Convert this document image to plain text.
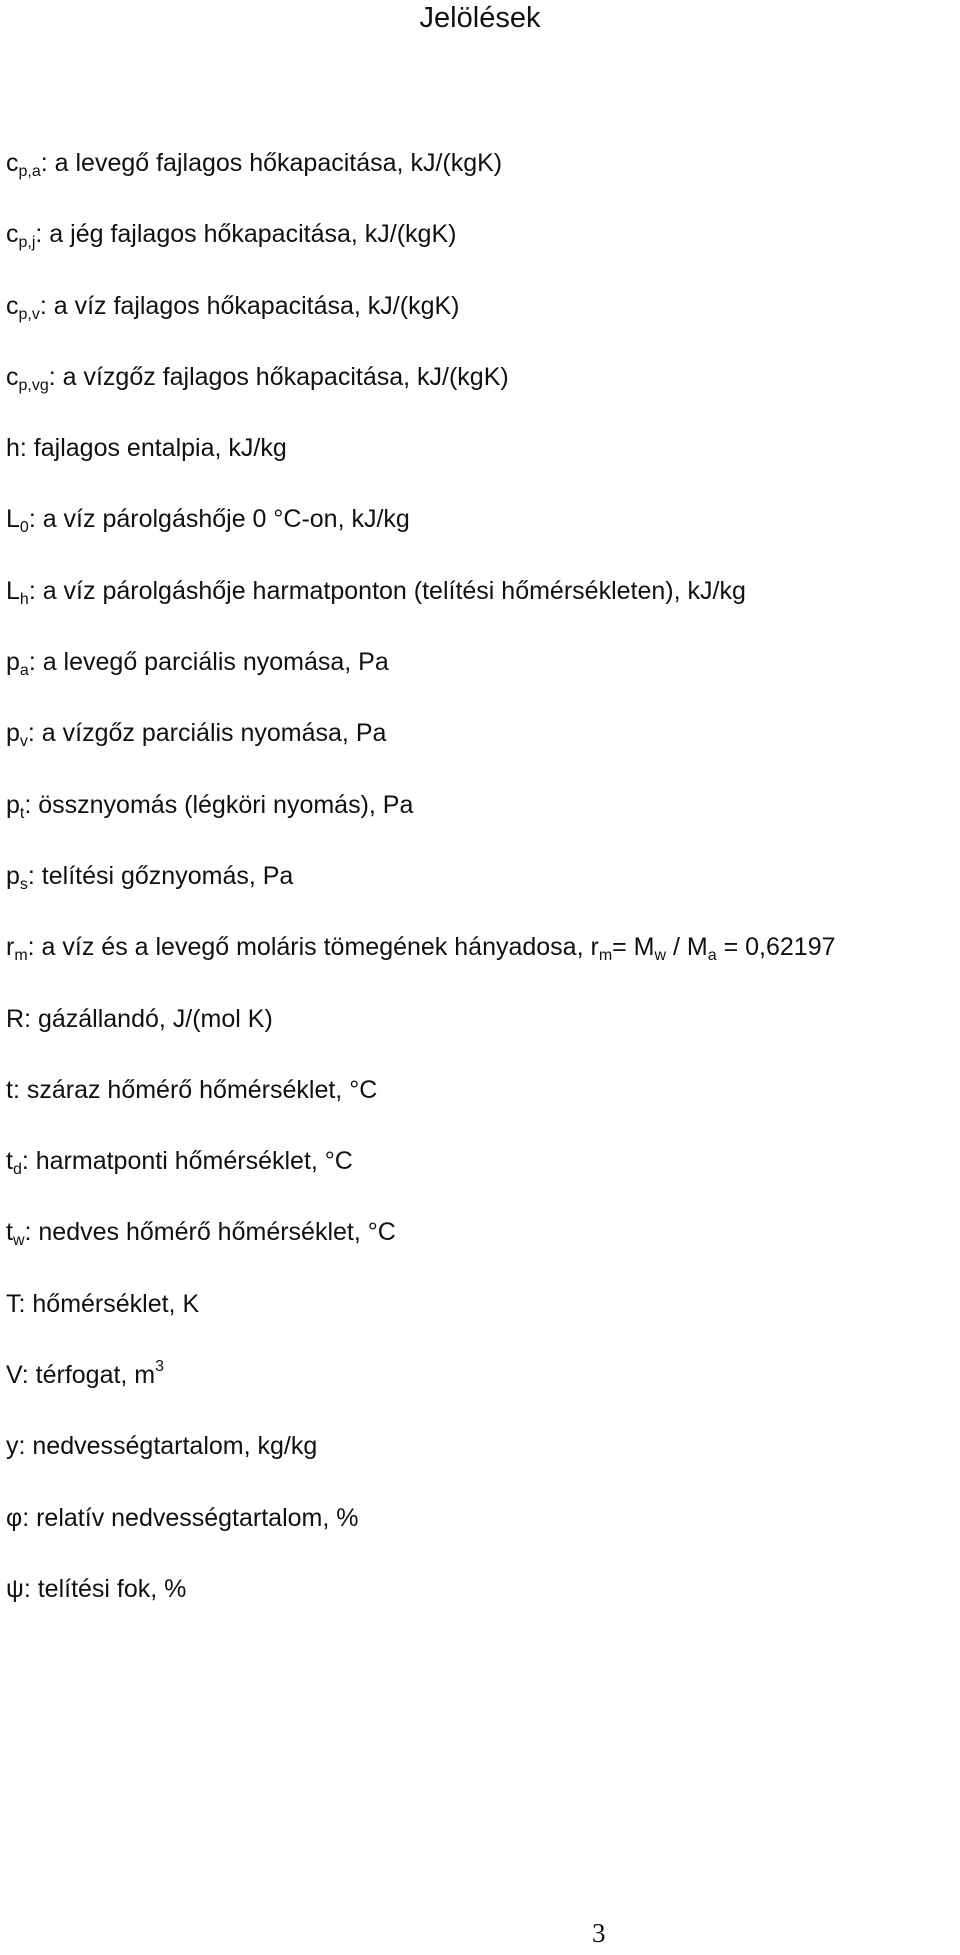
Jelölések
$c_{p,a}$: a levegő fajlagos hőkapacitása, kJ/(kgK)
$c_{p,j}$: a jég fajlagos hőkapacitása, kJ/(kgK)
$c_{p,v}$: a víz fajlagos hőkapacitása, kJ/(kgK)
$c_{p,vg}$: a vízgőz fajlagos hőkapacitása, kJ/(kgK)
h: fajlagos entalpia, kJ/kg
$L_0$: a víz párolgáshője 0 °C-on, kJ/kg
$L_h$: a víz párolgáshője harmatponton (telítési hőmérsékleten), kJ/kg
$p_a$: a levegő parciális nyomása, Pa
$p_v$: a vízgőz parciális nyomása, Pa
$p_t$: össznyomás (légköri nyomás), Pa
$p_s$: telítési gőznyomás, Pa
$r_m$: a víz és a levegő moláris tömegének hányadosa, $r_m= M_w / M_a = 0,62197$
R: gázállandó, J/(mol K)
t: száraz hőmérő hőmérséklet, °C
$t_d$: harmatponti hőmérséklet, °C
$t_w$: nedves hőmérő hőmérséklet, °C
T: hőmérséklet, K
V: térfogat, $m^3$
y: nedvességtartalom, kg/kg
φ: relatív nedvességtartalom, %
ψ: telítési fok, %
3
